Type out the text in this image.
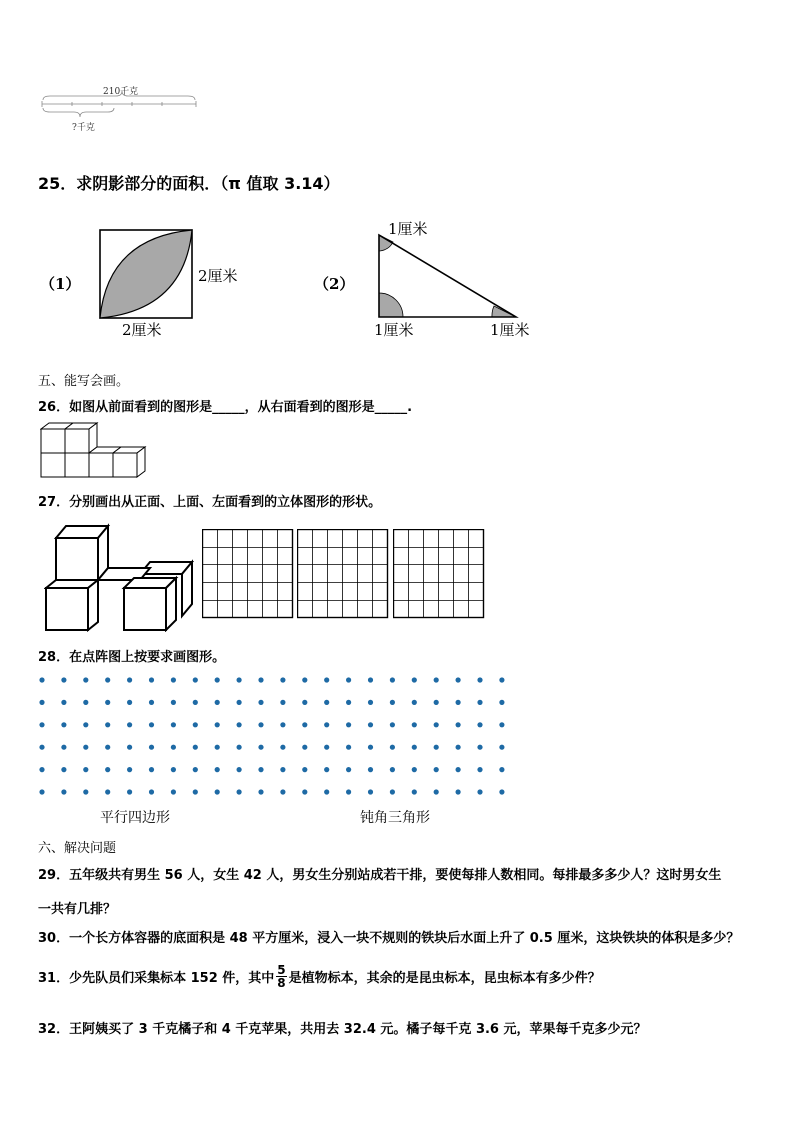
210千克
?千克
25．求阴影部分的面积．（π 值取 3.14）
（1）	2厘米
2厘米
（2）
1厘米
1厘米	1厘米
五、能写会画。
26．如图从前面看到的图形是_____，从右面看到的图形是_____.
27．分别画出从正面、上面、左面看到的立体图形的形状。
28．在点阵图上按要求画图形。
平行四边形	钝角三角形
六、解决问题
29．五年级共有男生 56 人，女生 42 人，男女生分别站成若干排，要使每排人数相同。每排最多多少人？这时男女生
一共有几排？
30．一个长方体容器的底面积是 48 平方厘米，浸入一块不规则的铁块后水面上升了 0.5 厘米，这块铁块的体积是多少？
31．少先队员们采集标本 152 件，其中 $\frac{5}{8}$ 是植物标本，其余的是昆虫标本，昆虫标本有多少件？
32．王阿姨买了 3 千克橘子和 4 千克苹果，共用去 32.4 元。橘子每千克 3.6 元，苹果每千克多少元？
